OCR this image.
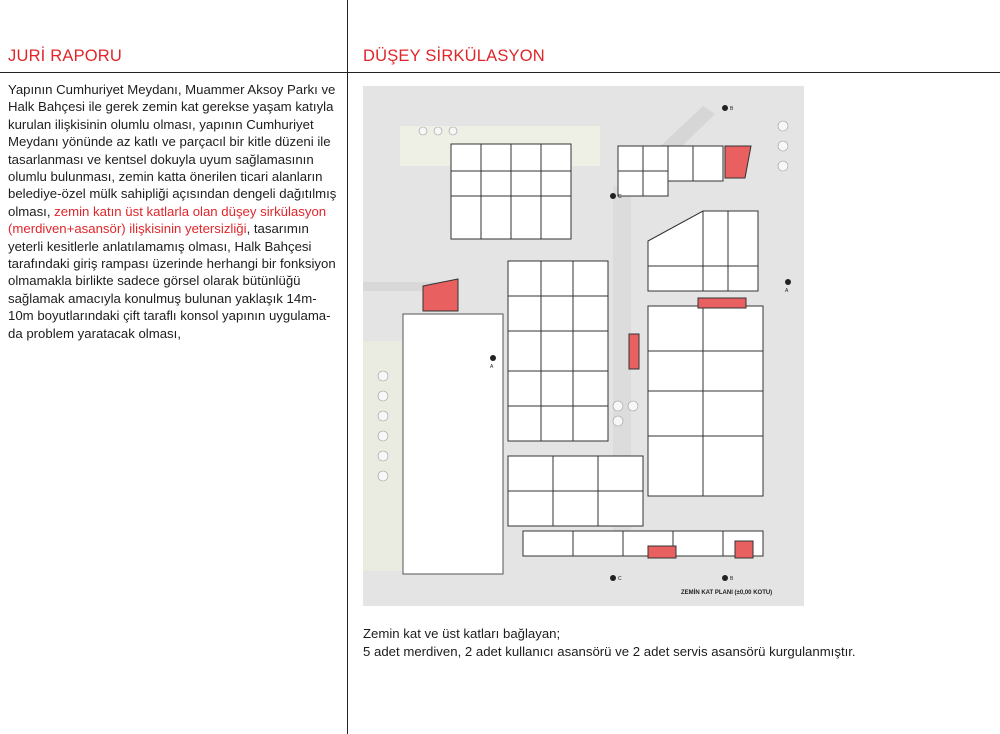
JURİ RAPORU	DÜŞEY SİRKÜLASYON
Yapının Cumhuriyet Meydanı, Muammer Aksoy Parkı ve Halk Bahçesi ile gerek zemin kat gerekse yaşam katıyla kurulan ilişkisinin olumlu olması, yapının Cumhuriyet Meydanı yönünde az katlı ve parçacıl bir kitle düzeni ile tasarlanması ve kentsel dokuyla uyum sağlamasının olumlu bulunması, zemin katta önerilen ticari alanların belediye-özel mülk sahipliği açısından dengeli dağıtılmış olması, zemin katın üst katlarla olan düşey sirkülasyon (merdiven+asansör) ilişkisinin yetersizliği, tasarımın yeterli kesitlerle anlatılamamış olması, Halk Bahçesi tarafındaki giriş rampası üzerinde herhangi bir fonksiyon olmamakla birlikte sadece görsel olarak bütünlüğü sağlamak amacıyla konulmuş bulunan yaklaşık 14m-10m boyutlarındaki çift taraflı konsol yapının uygulama-da problem yaratacak olması,
A
A
B
B
C
C
ZEMİN KAT PLANI (±0,00 KOTU)
Zemin kat ve üst katları bağlayan;
5 adet merdiven, 2 adet kullanıcı asansörü ve 2 adet servis asansörü kurgulanmıştır.
